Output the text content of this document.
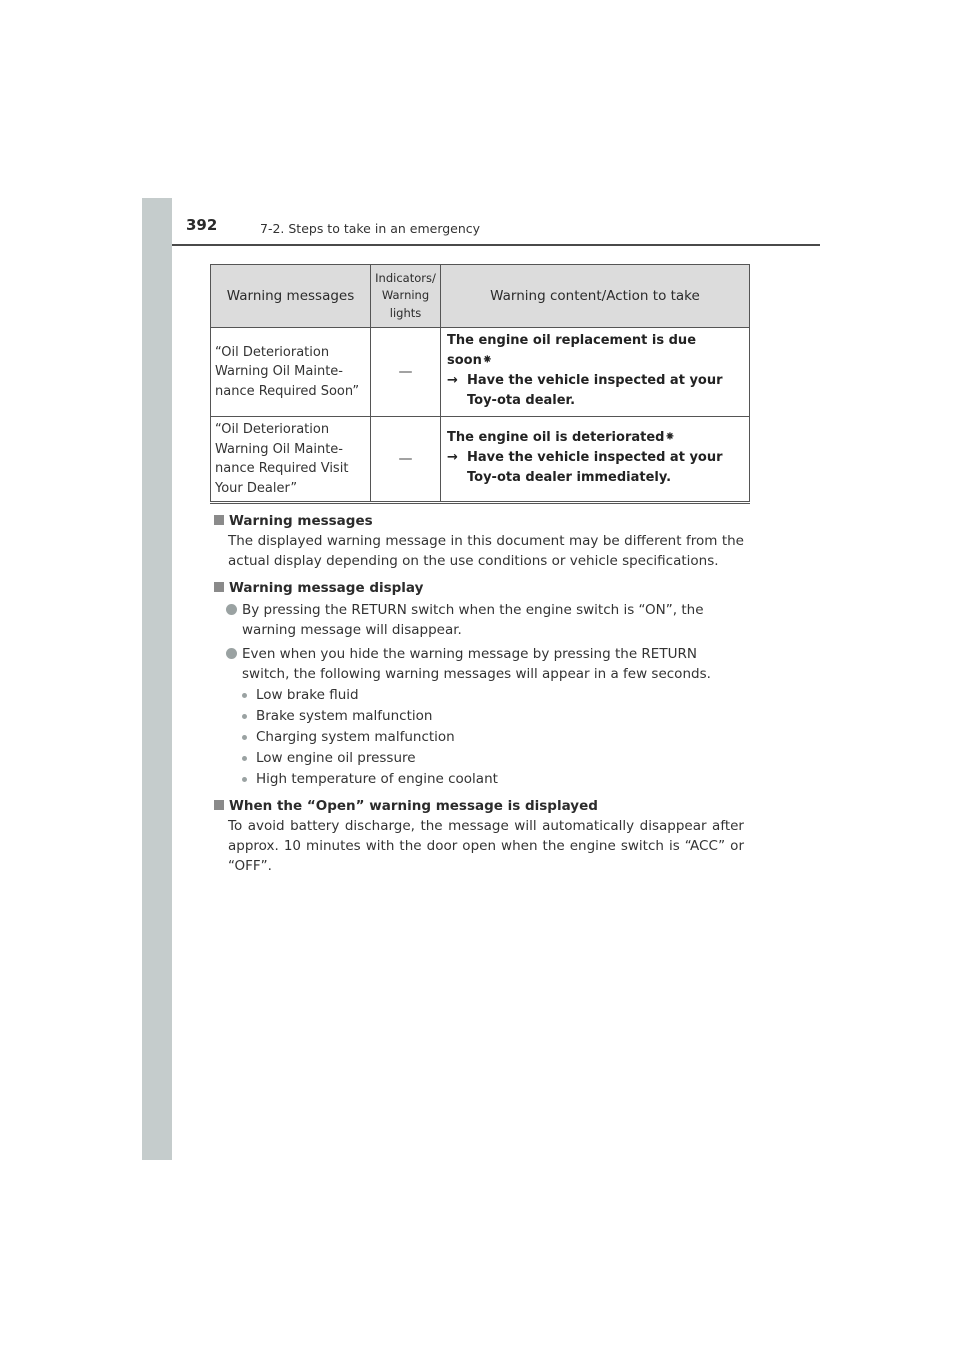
392	7-2. Steps to take in an emergency
Warning messages	Indicators/ Warning lights	Warning content/Action to take
“Oil Deterioration Warning Oil Mainte-nance Required Soon”	—	The engine oil replacement is due soon⁕
→ Have the vehicle inspected at your Toy-ota dealer.

“Oil Deterioration Warning Oil Mainte-nance Required Visit Your Dealer”	—	The engine oil is deteriorated⁕
→ Have the vehicle inspected at your Toy-ota dealer immediately.
Warning messages
The displayed warning message in this document may be different from the actual display depending on the use conditions or vehicle specifications.
Warning message display
By pressing the RETURN switch when the engine switch is “ON”, the warning message will disappear.
Even when you hide the warning message by pressing the RETURN switch, the following warning messages will appear in a few seconds.
Low brake fluid
Brake system malfunction
Charging system malfunction
Low engine oil pressure
High temperature of engine coolant
When the “Open” warning message is displayed
To avoid battery discharge, the message will automatically disappear after approx. 10 minutes with the door open when the engine switch is “ACC” or “OFF”.
